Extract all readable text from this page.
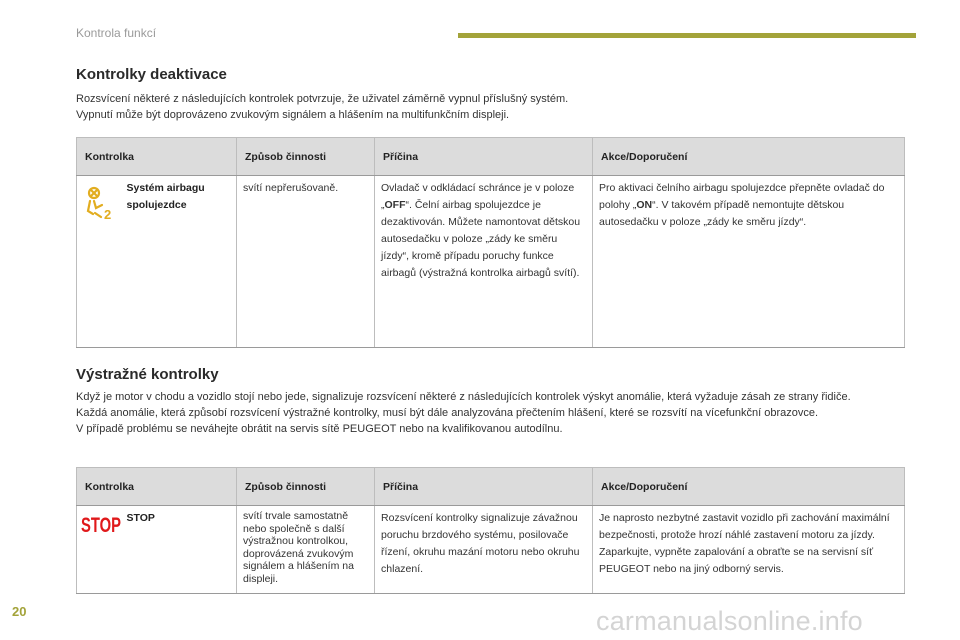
Kontrola funkcí
Kontrolky deaktivace
Rozsvícení některé z následujících kontrolek potvrzuje, že uživatel záměrně vypnul příslušný systém.
Vypnutí může být doprovázeno zvukovým signálem a hlášením na multifunkčním displeji.
Kontrolka		Způsob činnosti	Příčina	Akce/Doporučení

2	Systém airbagu spolujezdce	svítí nepřerušovaně.	Ovladač v odkládací schránce je v poloze „OFF“. Čelní airbag spolujezdce je dezaktivován. Můžete namontovat dětskou autosedačku v poloze „zády ke směru jízdy“, kromě případu poruchy funkce airbagů (výstražná kontrolka airbagů svítí).	Pro aktivaci čelního airbagu spolujezdce přepněte ovladač do polohy „ON“. V takovém případě nemontujte dětskou autosedačku v poloze „zády ke směru jízdy“.
Výstražné kontrolky
Když je motor v chodu a vozidlo stojí nebo jede, signalizuje rozsvícení některé z následujících kontrolek výskyt anomálie, která vyžaduje zásah ze strany řidiče.
Každá anomálie, která způsobí rozsvícení výstražné kontrolky, musí být dále analyzována přečtením hlášení, které se rozsvítí na vícefunkční obrazovce.
V případě problému se neváhejte obrátit na servis sítě PEUGEOT nebo na kvalifikovanou autodílnu.
Kontrolka		Způsob činnosti	Příčina	Akce/Doporučení

STOP	STOP	svítí trvale samostatně nebo společně s další výstražnou kontrolkou, doprovázená zvukovým signálem a hlášením na displeji.	Rozsvícení kontrolky signalizuje závažnou poruchu brzdového systému, posilovače řízení, okruhu mazání motoru nebo okruhu chlazení.	Je naprosto nezbytné zastavit vozidlo při zachování maximální bezpečnosti, protože hrozí náhlé zastavení motoru za jízdy. Zaparkujte, vypněte zapalování a obraťte se na servisní síť PEUGEOT nebo na jiný odborný servis.
20	carmanualsonline.info
